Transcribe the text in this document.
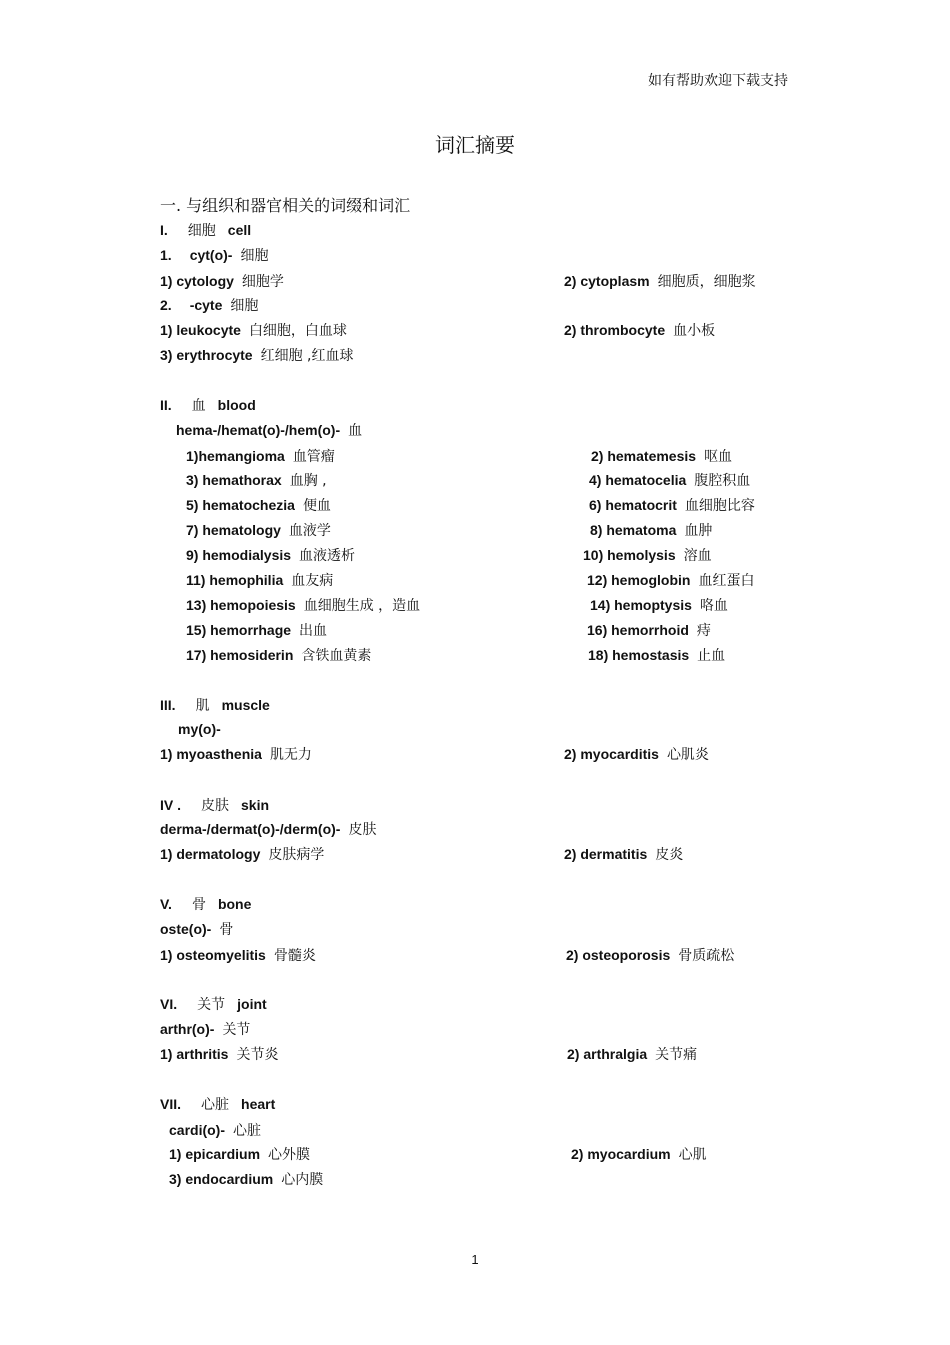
如有帮助欢迎下载支持
词汇摘要
一. 与组织和器官相关的词缀和词汇
I. 细胞 cell
1. cyt(o)- 细胞
1) cytology 细胞学	2) cytoplasm 细胞质，细胞浆
2. -cyte 细胞
1) leukocyte 白细胞，白血球	2) thrombocyte 血小板
3) erythrocyte 红细胞 ,红血球
II. 血 blood
hema-/hemat(o)-/hem(o)- 血
1)hemangioma 血管瘤	2) hematemesis 呕血
3) hemathorax 血胸 ,	4) hematocelia 腹腔积血
5) hematochezia 便血	6) hematocrit 血细胞比容
7) hematology 血液学	8) hematoma 血肿
9) hemodialysis 血液透析	10) hemolysis 溶血
11) hemophilia 血友病	12) hemoglobin 血红蛋白
13) hemopoiesis 血细胞生成 ，造血	14) hemoptysis 咯血
15) hemorrhage 出血	16) hemorrhoid 痔
17) hemosiderin 含铁血黄素	18) hemostasis 止血
III. 肌 muscle
my(o)-
1) myoasthenia 肌无力	2) myocarditis 心肌炎
IV . 皮肤 skin
derma-/dermat(o)-/derm(o)- 皮肤
1) dermatology 皮肤病学	2) dermatitis 皮炎
V. 骨 bone
oste(o)- 骨
1) osteomyelitis 骨髓炎	2) osteoporosis 骨质疏松
VI. 关节 joint
arthr(o)- 关节
1) arthritis 关节炎	2) arthralgia 关节痛
VII. 心脏 heart
cardi(o)- 心脏
1) epicardium 心外膜	2) myocardium 心肌
3) endocardium 心内膜
1
